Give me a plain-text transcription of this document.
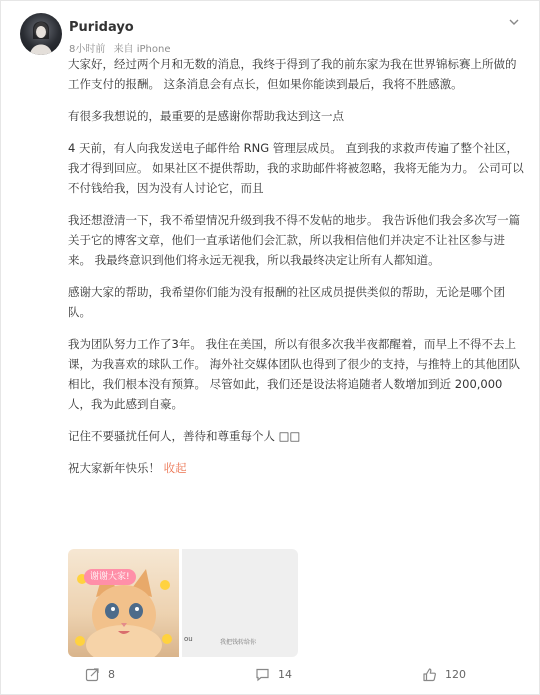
Puridayo
8小时前 来自 iPhone

大家好，经过两个月和无数的消息，我终于得到了我的前东家为我在世界锦标赛上所做的工作支付的报酬。 这条消息会有点长，但如果你能读到最后，我将不胜感激。

有很多我想说的，最重要的是感谢你帮助我达到这一点

4 天前，有人向我发送电子邮件给 RNG 管理层成员。 直到我的求救声传遍了整个社区，我才得到回应。 如果社区不提供帮助，我的求助邮件将被忽略，我将无能为力。 公司可以不付钱给我，因为没有人讨论它，而且

我还想澄清一下，我不希望情况升级到我不得不发帖的地步。 我告诉他们我会多次写一篇关于它的博客文章，他们一直承诺他们会汇款，所以我相信他们并决定不让社区参与进来。 我最终意识到他们将永远无视我，所以我最终决定让所有人都知道。

感谢大家的帮助，我希望你们能为没有报酬的社区成员提供类似的帮助，无论是哪个团队。

我为团队努力工作了3年。 我住在美国，所以有很多次我半夜都醒着，而早上不得不去上课，为我喜欢的球队工作。 海外社交媒体团队也得到了很少的支持，与推特上的其他团队相比，我们根本没有预算。 尽管如此，我们还是设法将追随者人数增加到近 200,000 人，我为此感到自豪。

记住不要骚扰任何人，善待和尊重每个人 □□

祝大家新年快乐！ 收起

谢谢大家!
ou	我把钱转给你
8	14	120
